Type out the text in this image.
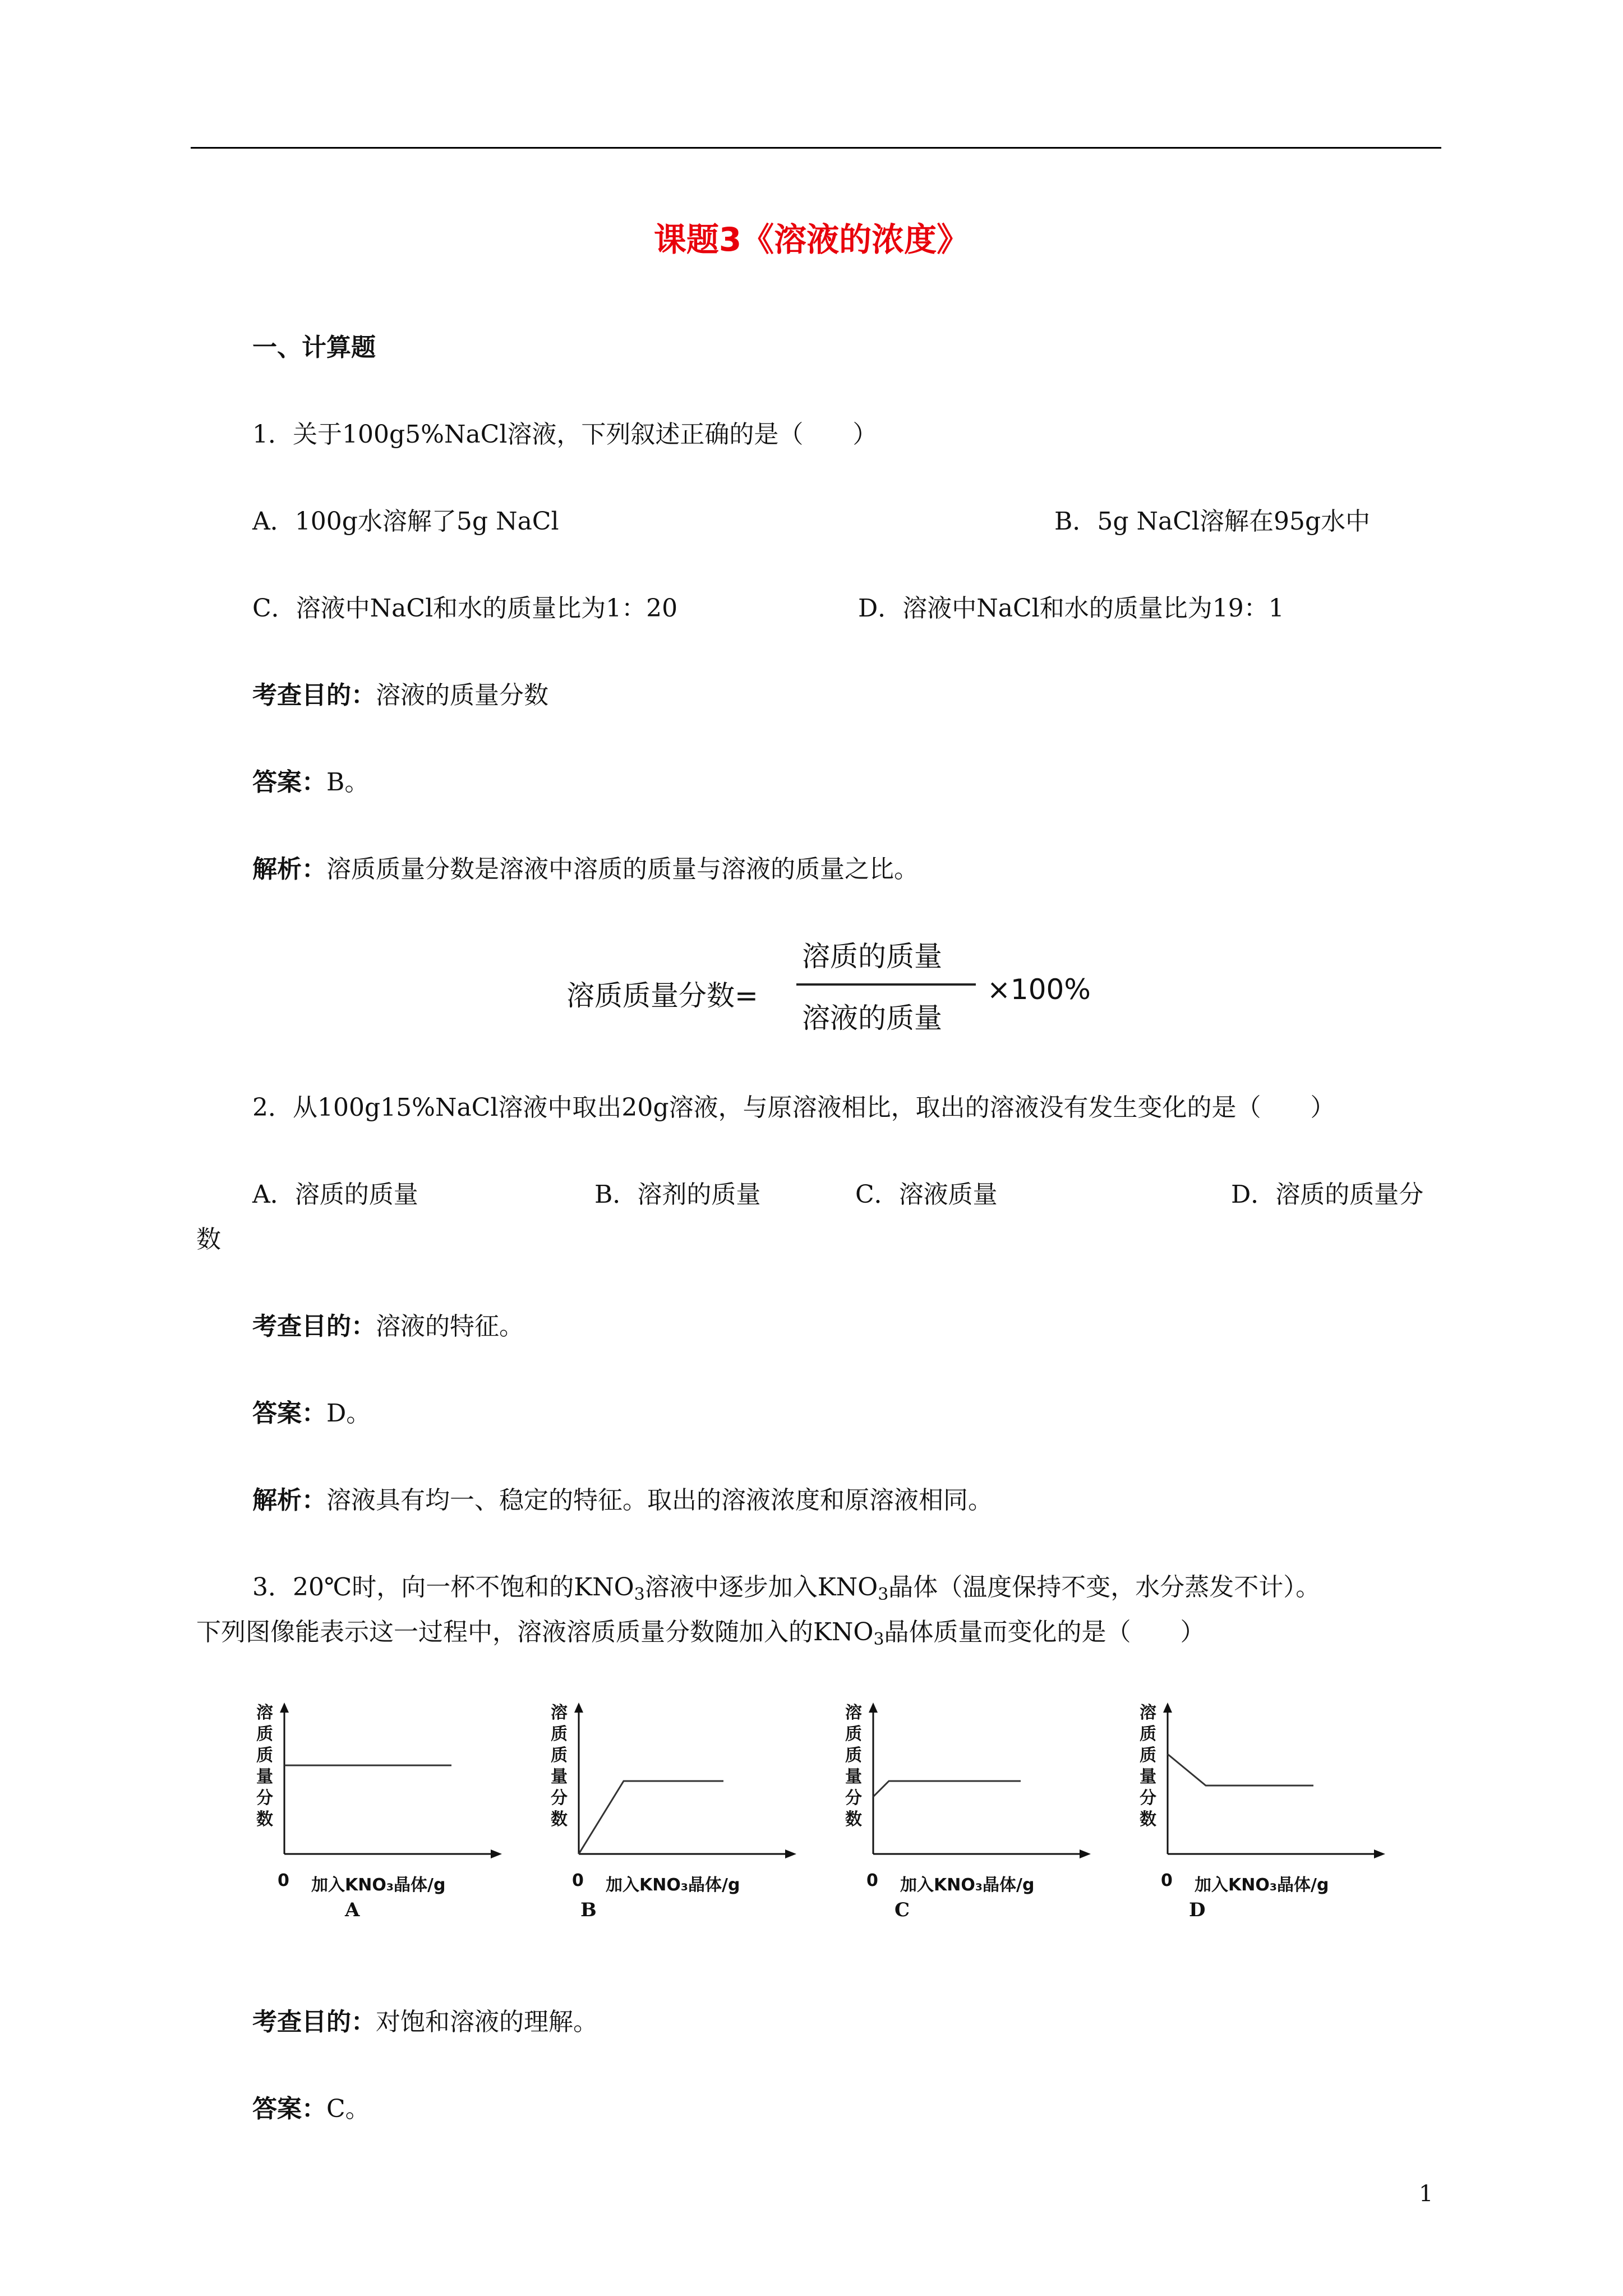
课题3《溶液的浓度》
一、计算题
1．关于100g5%NaCl溶液，下列叙述正确的是（　　）
A．100g水溶解了5g NaCl	B．5g NaCl溶解在95g水中
C．溶液中NaCl和水的质量比为1：20	D．溶液中NaCl和水的质量比为19：1
考查目的：溶液的质量分数
答案：B。
解析：溶质质量分数是溶液中溶质的质量与溶液的质量之比。
溶质质量分数=
溶质的质量
溶液的质量
×100%
2．从100g15%NaCl溶液中取出20g溶液，与原溶液相比，取出的溶液没有发生变化的是（　　）
A．溶质的质量	B．溶剂的质量	C．溶液质量	D．溶质的质量分
数
考查目的：溶液的特征。
答案：D。
解析：溶液具有均一、稳定的特征。取出的溶液浓度和原溶液相同。
3．20℃时，向一杯不饱和的$KNO_3$溶液中逐步加入$KNO_3$晶体（温度保持不变，水分蒸发不计）。
下列图像能表示这一过程中，溶液溶质质量分数随加入的$KNO_3$晶体质量而变化的是（　　）
溶质质量分数
0 加入KNO₃晶体/g
A
溶质质量分数
0 加入KNO₃晶体/g
B
溶质质量分数
0 加入KNO₃晶体/g
C
溶质质量分数
0 加入KNO₃晶体/g
D
考查目的：对饱和溶液的理解。
答案：C。
1
